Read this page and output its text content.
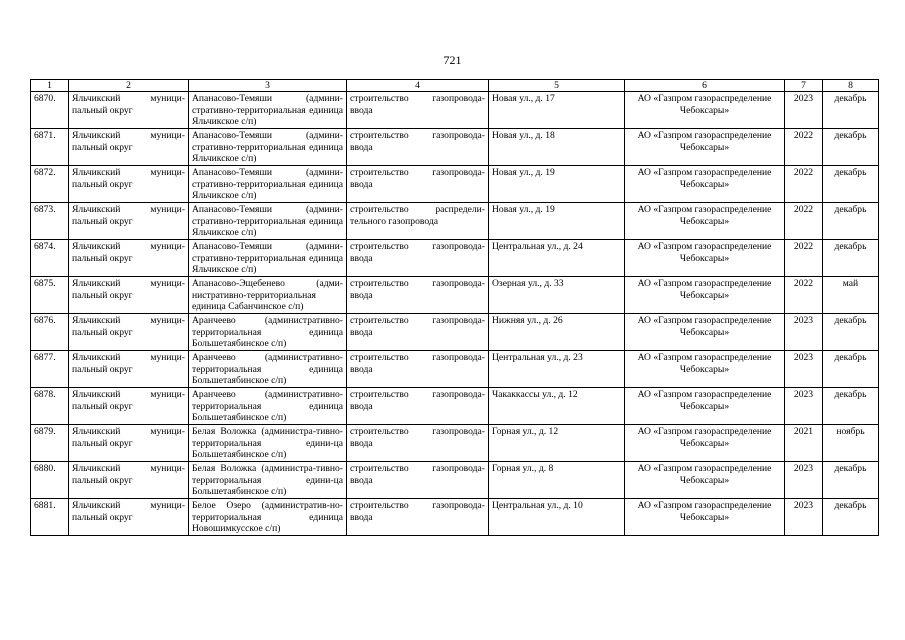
721
1	2	3	4	5	6	7	8
6870.	Яльчикский муници-пальный округ	Апанасово-Темяши (админи-стративно-территориальная единица Яльчикское с/п)	строительство газопровода-ввода	Новая ул., д. 17	АО «Газпром газораспределение Чебоксары»	2023	декабрь
6871.	Яльчикский муници-пальный округ	Апанасово-Темяши (админи-стративно-территориальная единица Яльчикское с/п)	строительство газопровода-ввода	Новая ул., д. 18	АО «Газпром газораспределение Чебоксары»	2022	декабрь
6872.	Яльчикский муници-пальный округ	Апанасово-Темяши (админи-стративно-территориальная единица Яльчикское с/п)	строительство газопровода-ввода	Новая ул., д. 19	АО «Газпром газораспределение Чебоксары»	2022	декабрь
6873.	Яльчикский муници-пальный округ	Апанасово-Темяши (админи-стративно-территориальная единица Яльчикское с/п)	строительство распредели-тельного газопровода	Новая ул., д. 19	АО «Газпром газораспределение Чебоксары»	2022	декабрь
6874.	Яльчикский муници-пальный округ	Апанасово-Темяши (админи-стративно-территориальная единица Яльчикское с/п)	строительство газопровода-ввода	Центральная ул., д. 24	АО «Газпром газораспределение Чебоксары»	2022	декабрь
6875.	Яльчикский муници-пальный округ	Апанасово-Эщебенево (адми-нистративно-территориальная единица Сабанчинское с/п)	строительство газопровода-ввода	Озерная ул., д. 33	АО «Газпром газораспределение Чебоксары»	2022	май
6876.	Яльчикский муници-пальный округ	Аранчеево (административно-территориальная единица Большетаябинское с/п)	строительство газопровода-ввода	Нижняя ул., д. 26	АО «Газпром газораспределение Чебоксары»	2023	декабрь
6877.	Яльчикский муници-пальный округ	Аранчеево (административно-территориальная единица Большетаябинское с/п)	строительство газопровода-ввода	Центральная ул., д. 23	АО «Газпром газораспределение Чебоксары»	2023	декабрь
6878.	Яльчикский муници-пальный округ	Аранчеево (административно-территориальная единица Большетаябинское с/п)	строительство газопровода-ввода	Чакаккассы ул., д. 12	АО «Газпром газораспределение Чебоксары»	2023	декабрь
6879.	Яльчикский муници-пальный округ	Белая Воложка (администра-тивно-территориальная едини-ца Большетаябинское с/п)	строительство газопровода-ввода	Горная ул., д. 12	АО «Газпром газораспределение Чебоксары»	2021	ноябрь
6880.	Яльчикский муници-пальный округ	Белая Воложка (администра-тивно-территориальная едини-ца Большетаябинское с/п)	строительство газопровода-ввода	Горная ул., д. 8	АО «Газпром газораспределение Чебоксары»	2023	декабрь
6881.	Яльчикский муници-пальный округ	Белое Озеро (административ-но-территориальная единица Новошимкусское с/п)	строительство газопровода-ввода	Центральная ул., д. 10	АО «Газпром газораспределение Чебоксары»	2023	декабрь
